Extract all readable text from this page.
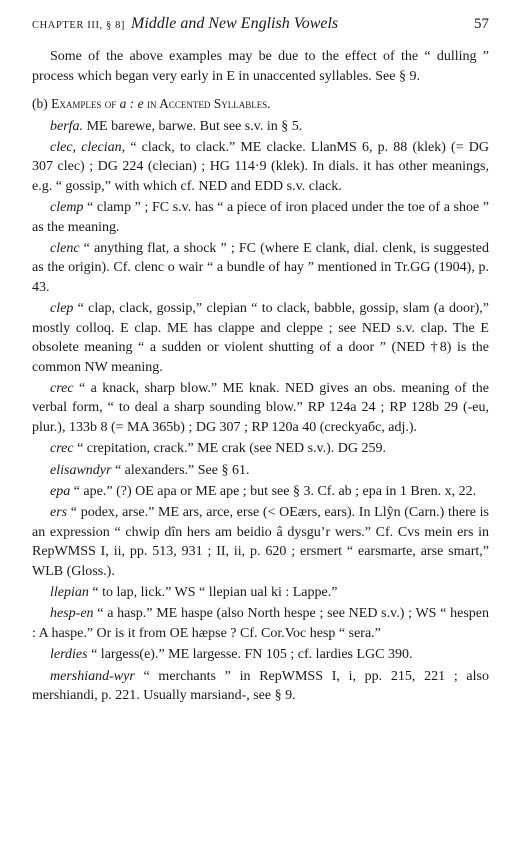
CHAPTER III, § 8] Middle and New English Vowels	57

Some of the above examples may be due to the effect of the “ dulling ” process which began very early in E in unaccented syllables. See § 9.

(b) Examples of a : e in Accented Syllables.

berfa. ME barewe, barwe. But see s.v. in § 5.

clec, clecian, “ clack, to clack.” ME clacke. LlanMS 6, p. 88 (klek) (= DG 307 clec) ; DG 224 (clecian) ; HG 114·9 (klek). In dials. it has other meanings, e.g. “ gossip,” with which cf. NED and EDD s.v. clack.

clemp “ clamp ” ; FC s.v. has “ a piece of iron placed under the toe of a shoe ” as the meaning.

clenc “ anything flat, a shock ” ; FC (where E clank, dial. clenk, is suggested as the origin). Cf. clenc o wair “ a bundle of hay ” mentioned in Tr.GG (1904), p. 43.

clep “ clap, clack, gossip,” clepian “ to clack, babble, gossip, slam (a door),” mostly colloq. E clap. ME has clappe and cleppe ; see NED s.v. clap. The E obsolete meaning “ a sudden or violent shutting of a door ” (NED †8) is the common NW meaning.

crec “ a knack, sharp blow.” ME knak. NED gives an obs. meaning of the verbal form, “ to deal a sharp sounding blow.” RP 124a 24 ; RP 128b 29 (-eu, plur.), 133b 8 (= MA 365b) ; DG 307 ; RP 120a 40 (creckyaбc, adj.).

crec “ crepitation, crack.” ME crak (see NED s.v.). DG 259.

elisawndyr “ alexanders.” See § 61.

epa “ ape.” (?) OE apa or ME ape ; but see § 3. Cf. ab ; epa in 1 Bren. x, 22.

ers “ podex, arse.” ME ars, arce, erse (< OEærs, ears). In Llŷn (Carn.) there is an expression “ chwip dîn hers am beidio â dysgu’r wers.” Cf. Cvs mein ers in RepWMSS I, ii, pp. 513, 931 ; II, ii, p. 620 ; ersmert “ earsmarte, arse smart,” WLB (Gloss.).

llepian “ to lap, lick.” WS “ llepian ual ki : Lappe.”

hesp-en “ a hasp.” ME haspe (also North hespe ; see NED s.v.) ; WS “ hespen : A haspe.” Or is it from OE hæpse ? Cf. Cor.Voc hesp “ sera.”

lerdies “ largess(e).” ME largesse. FN 105 ; cf. lardies LGC 390.

mershiand-wyr “ merchants ” in RepWMSS I, i, pp. 215, 221 ; also mershiandi, p. 221. Usually marsiand-, see § 9.
